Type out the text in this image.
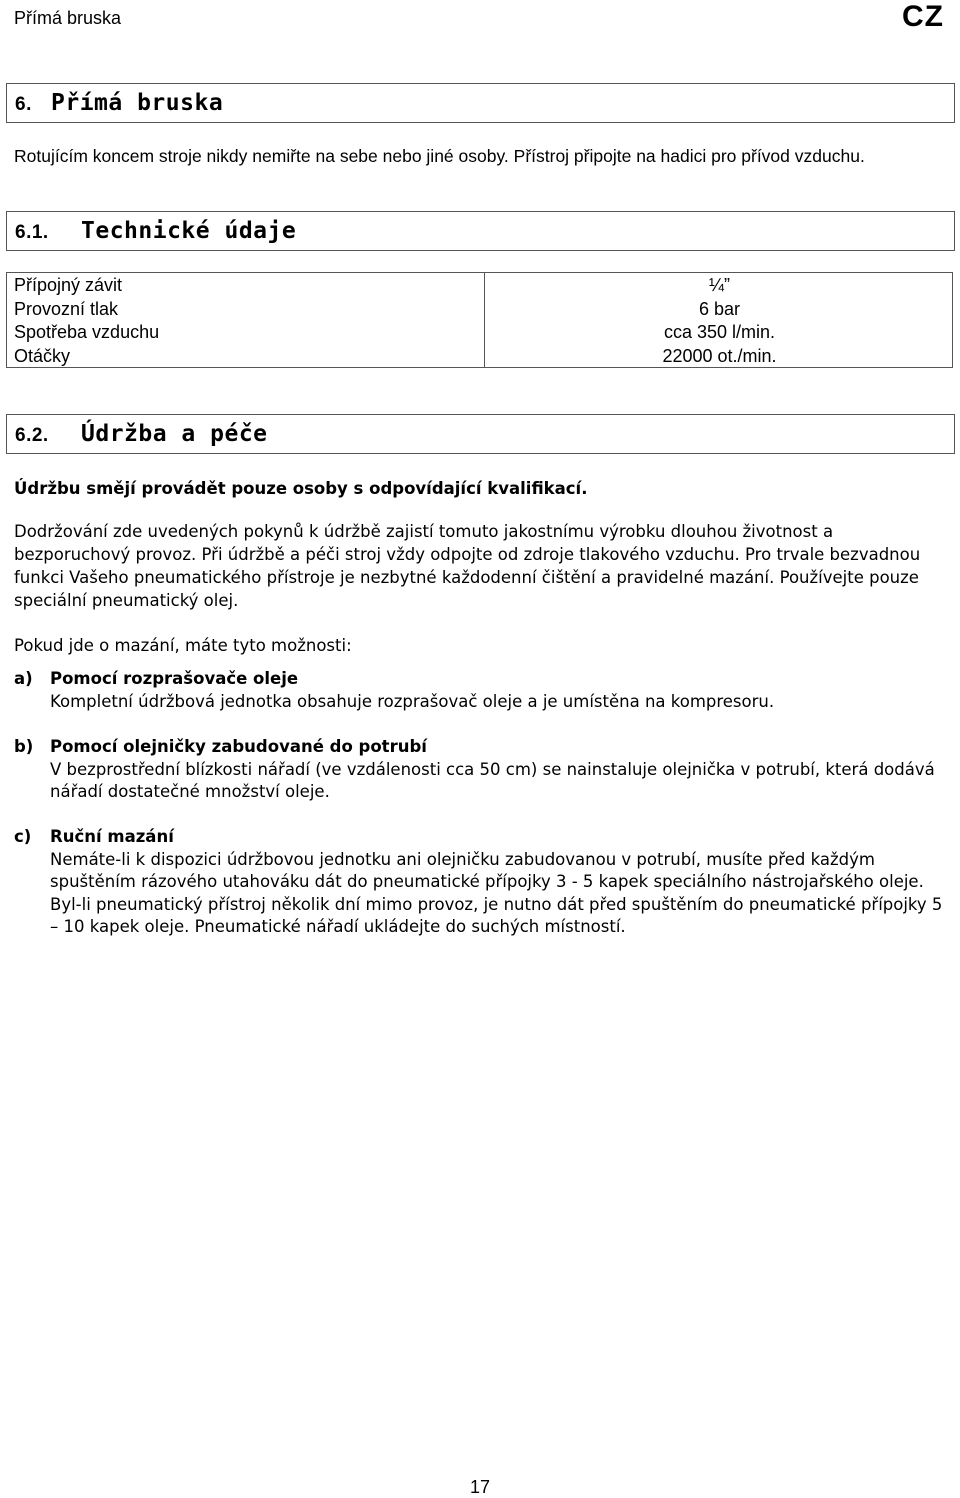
Přímá bruska	CZ
6. Přímá bruska
Rotujícím koncem stroje nikdy nemiřte na sebe nebo jiné osoby. Přístroj připojte na hadici pro přívod vzduchu.
6.1. Technické údaje
Přípojný závit
Provozní tlak
Spotřeba vzduchu
Otáčky
¼”
6 bar
cca 350 l/min.
22000 ot./min.
6.2. Údržba a péče
Údržbu smějí provádět pouze osoby s odpovídající kvalifikací.
Dodržování zde uvedených pokynů k údržbě zajistí tomuto jakostnímu výrobku dlouhou životnost a bezporuchový provoz. Při údržbě a péči stroj vždy odpojte od zdroje tlakového vzduchu. Pro trvale bezvadnou funkci Vašeho pneumatického přístroje je nezbytné každodenní čištění a pravidelné mazání. Používejte pouze speciální pneumatický olej.
Pokud jde o mazání, máte tyto možnosti:
a) Pomocí rozprašovače oleje
Kompletní údržbová jednotka obsahuje rozprašovač oleje a je umístěna na kompresoru.
b) Pomocí olejničky zabudované do potrubí
V bezprostřední blízkosti nářadí (ve vzdálenosti cca 50 cm) se nainstaluje olejnička v potrubí, která dodává nářadí dostatečné množství oleje.
c) Ruční mazání
Nemáte-li k dispozici údržbovou jednotku ani olejničku zabudovanou v potrubí, musíte před každým spuštěním rázového utahováku dát do pneumatické přípojky 3 - 5 kapek speciálního nástrojařského oleje. Byl-li pneumatický přístroj několik dní mimo provoz, je nutno dát před spuštěním do pneumatické přípojky 5 – 10 kapek oleje. Pneumatické nářadí ukládejte do suchých místností.
17
